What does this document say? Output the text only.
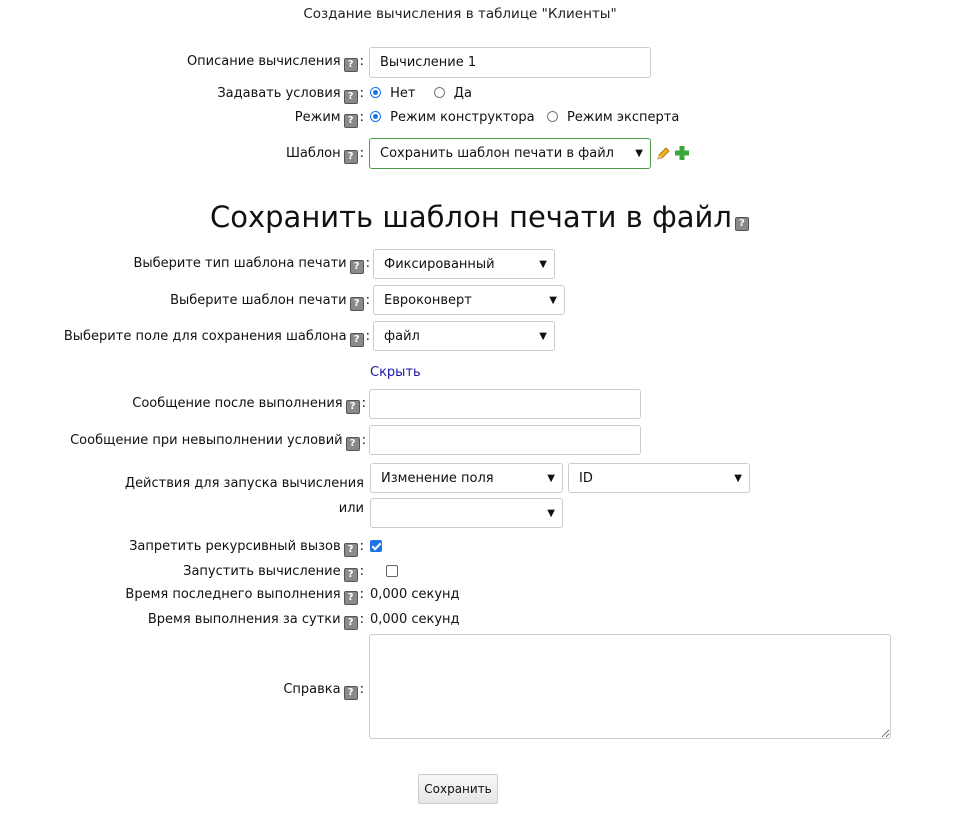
Создание вычисления в таблице "Клиенты"
Описание вычисления ? :
Вычисление 1
Задавать условия ? :	Нет	Да
Режим ? :	Режим конструктора Режим эксперта
Шаблон ? : Сохранить шаблон печати в файл ▼
Сохранить шаблон печати в файл ?
Выберите тип шаблона печати ? : Фиксированный	▼
Выберите шаблон печати ? : Евроконверт	▼
Выберите поле для сохранения шаблона ? : файл	▼
Скрыть
Сообщение после выполнения ? :
Сообщение при невыполнении условий ? :
Действия для запуска вычисления Изменение поля	▼ ID	▼
или	▼
Запретить рекурсивный вызов ? :

Запустить вычисление ? :
Время последнего выполнения ? : 0,000 секунд
Время выполнения за сутки ? : 0,000 секунд
Справка ? :
Сохранить
